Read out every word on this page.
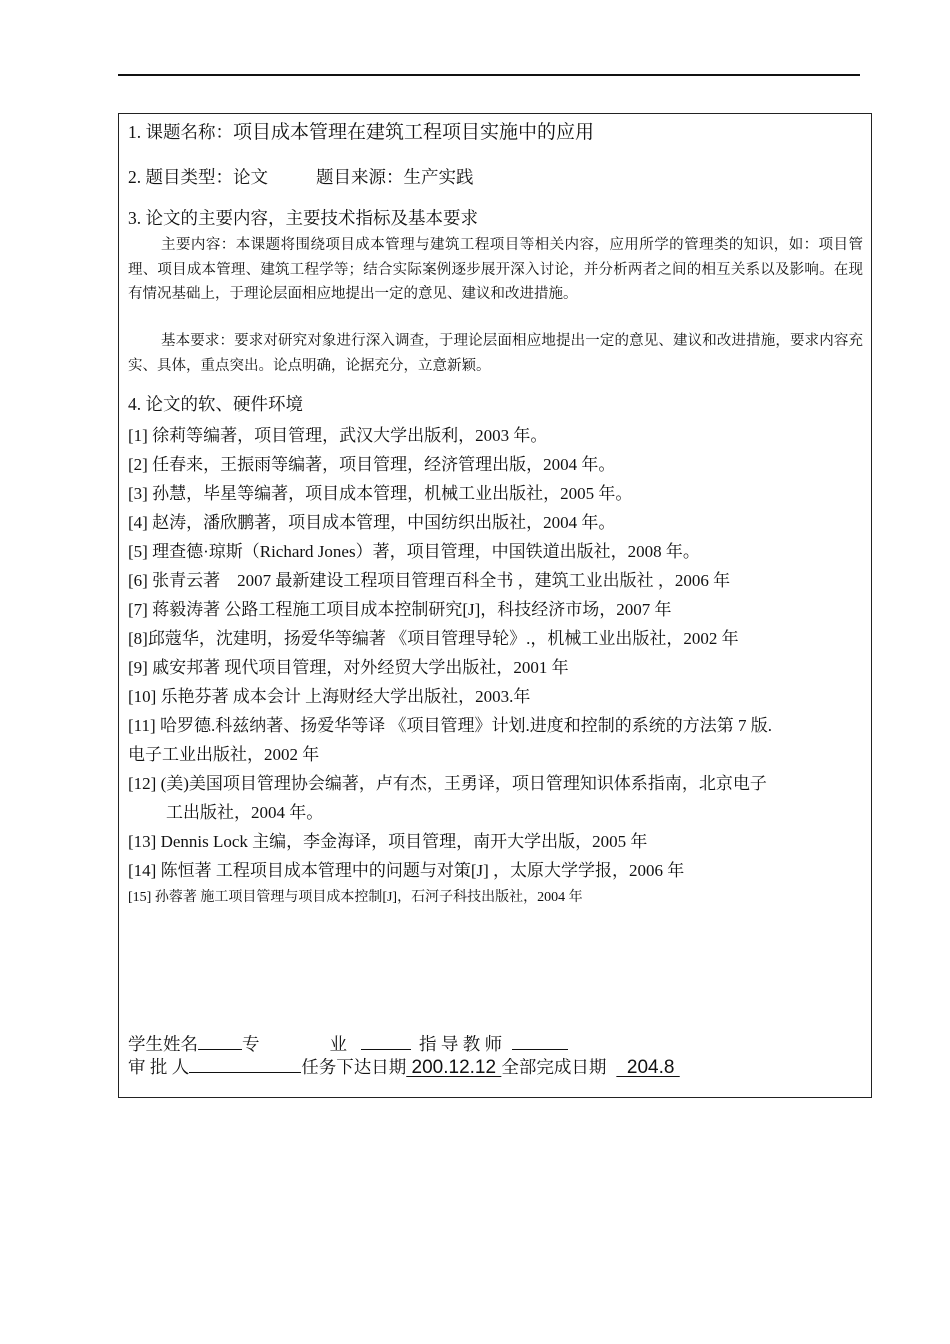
1. 课题名称：项目成本管理在建筑工程项目实施中的应用
2. 题目类型：论文	题目来源：生产实践
3. 论文的主要内容，主要技术指标及基本要求
主要内容：本课题将围绕项目成本管理与建筑工程项目等相关内容，应用所学的管理类的知识，如：项目管理、项目成本管理、建筑工程学等；结合实际案例逐步展开深入讨论，并分析两者之间的相互关系以及影响。在现有情况基础上，于理论层面相应地提出一定的意见、建议和改进措施。
基本要求：要求对研究对象进行深入调查，于理论层面相应地提出一定的意见、建议和改进措施，要求内容充实、具体，重点突出。论点明确，论据充分，立意新颖。
4. 论文的软、硬件环境
[1] 徐莉等编著，项目管理，武汉大学出版利，2003 年。
[2] 任春来，王振雨等编著，项目管理，经济管理出版，2004 年。
[3] 孙慧，毕星等编著，项目成本管理，机械工业出版社，2005 年。
[4] 赵涛，潘欣鹏著，项目成本管理，中国纺织出版社，2004 年。
[5] 理查德·琼斯（Richard Jones）著，项目管理，中国铁道出版社，2008 年。
[6] 张青云著　2007 最新建设工程项目管理百科全书 ，建筑工业出版社 ，2006 年
[7] 蒋毅涛著 公路工程施工项目成本控制研究[J]，科技经济市场，2007 年
[8]邱蔻华，沈建明，扬爱华等编著 《项目管理导轮》.，机械工业出版社，2002 年
[9] 戚安邦著 现代项目管理，对外经贸大学出版社，2001 年
[10] 乐艳芬著 成本会计 上海财经大学出版社，2003.年
[11] 哈罗德.科兹纳著、扬爱华等译 《项目管理》计划.进度和控制的系统的方法第 7 版.
电子工业出版社，2002 年
[12] (美)美国项目管理协会编著，卢有杰，王勇译，项日管理知识体系指南，北京电子
工出版社，2004 年。
[13] Dennis Lock 主编，李金海译，项目管理，南开大学出版，2005 年
[14] 陈恒著 工程项目成本管理中的问题与对策[J] ，太原大学学报，2006 年
[15] 孙蓉著 施工项目管理与项目成本控制[J]，石河子科技出版社，2004 年
学生姓名	专	业	指 导 教 师
审 批 人	任务下达日期 200.12.12 全部完成日期  204.8
